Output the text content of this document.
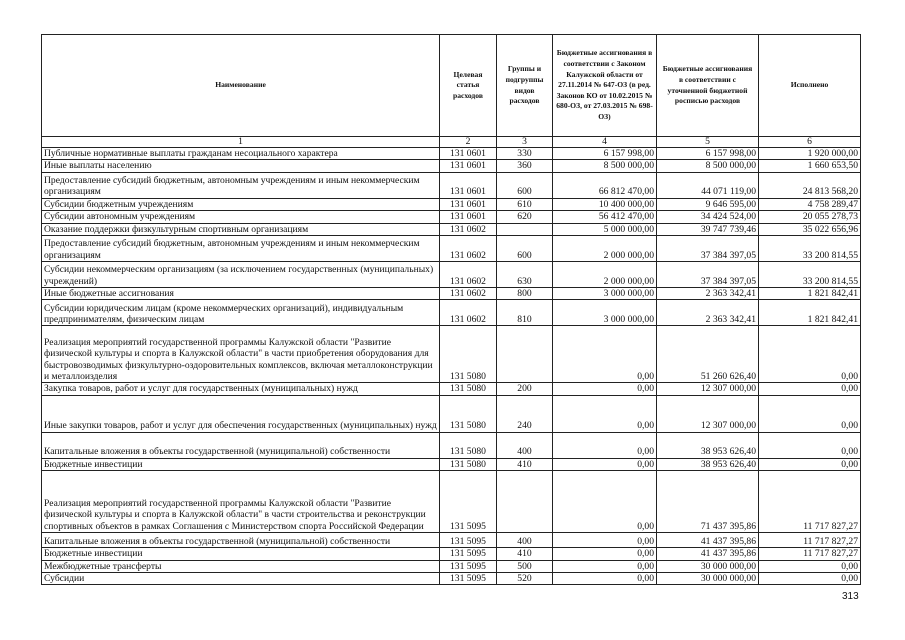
Наименование	Целевая статья расходов	Группы и подгруппы видов расходов	Бюджетные ассигнования в соответствии с Законом Калужской области от 27.11.2014 № 647-ОЗ (в ред. Законов КО от 10.02.2015 № 680-ОЗ, от 27.03.2015 № 698-ОЗ)	Бюджетные ассигнования в соответствии с уточненной бюджетной росписью расходов	Исполнено
1	2	3	4	5	6
Публичные нормативные выплаты гражданам несоциального характера	131 0601	330	6 157 998,00	6 157 998,00	1 920 000,00
Иные выплаты населению	131 0601	360	8 500 000,00	8 500 000,00	1 660 653,50
Предоставление субсидий бюджетным, автономным учреждениям и иным некоммерческим организациям	131 0601	600	66 812 470,00	44 071 119,00	24 813 568,20
Субсидии бюджетным учреждениям	131 0601	610	10 400 000,00	9 646 595,00	4 758 289,47
Субсидии автономным учреждениям	131 0601	620	56 412 470,00	34 424 524,00	20 055 278,73
Оказание поддержки физкультурным спортивным организациям	131 0602		5 000 000,00	39 747 739,46	35 022 656,96
Предоставление субсидий бюджетным, автономным учреждениям и иным некоммерческим организациям	131 0602	600	2 000 000,00	37 384 397,05	33 200 814,55
Субсидии некоммерческим организациям (за исключением государственных (муниципальных) учреждений)	131 0602	630	2 000 000,00	37 384 397,05	33 200 814,55
Иные бюджетные ассигнования	131 0602	800	3 000 000,00	2 363 342,41	1 821 842,41
Субсидии юридическим лицам (кроме некоммерческих организаций), индивидуальным предпринимателям, физическим лицам	131 0602	810	3 000 000,00	2 363 342,41	1 821 842,41
Реализация мероприятий государственной программы Калужской области "Развитие физической культуры и спорта в Калужской области" в части приобретения оборудования для быстровозводимых физкультурно-оздоровительных комплексов, включая металлоконструкции и металлоизделия	131 5080		0,00	51 260 626,40	0,00
Закупка товаров, работ и услуг для государственных (муниципальных) нужд	131 5080	200	0,00	12 307 000,00	0,00
Иные закупки товаров, работ и услуг для обеспечения государственных (муниципальных) нужд	131 5080	240	0,00	12 307 000,00	0,00
Капитальные вложения в объекты государственной (муниципальной) собственности	131 5080	400	0,00	38 953 626,40	0,00
Бюджетные инвестиции	131 5080	410	0,00	38 953 626,40	0,00
Реализация мероприятий государственной программы Калужской области "Развитие физической культуры и спорта в Калужской области" в части строительства и реконструкции спортивных объектов в рамках Соглашения с Министерством спорта Российской Федерации	131 5095		0,00	71 437 395,86	11 717 827,27
Капитальные вложения в объекты государственной (муниципальной) собственности	131 5095	400	0,00	41 437 395,86	11 717 827,27
Бюджетные инвестиции	131 5095	410	0,00	41 437 395,86	11 717 827,27
Межбюджетные трансферты	131 5095	500	0,00	30 000 000,00	0,00
Субсидии	131 5095	520	0,00	30 000 000,00	0,00
313
